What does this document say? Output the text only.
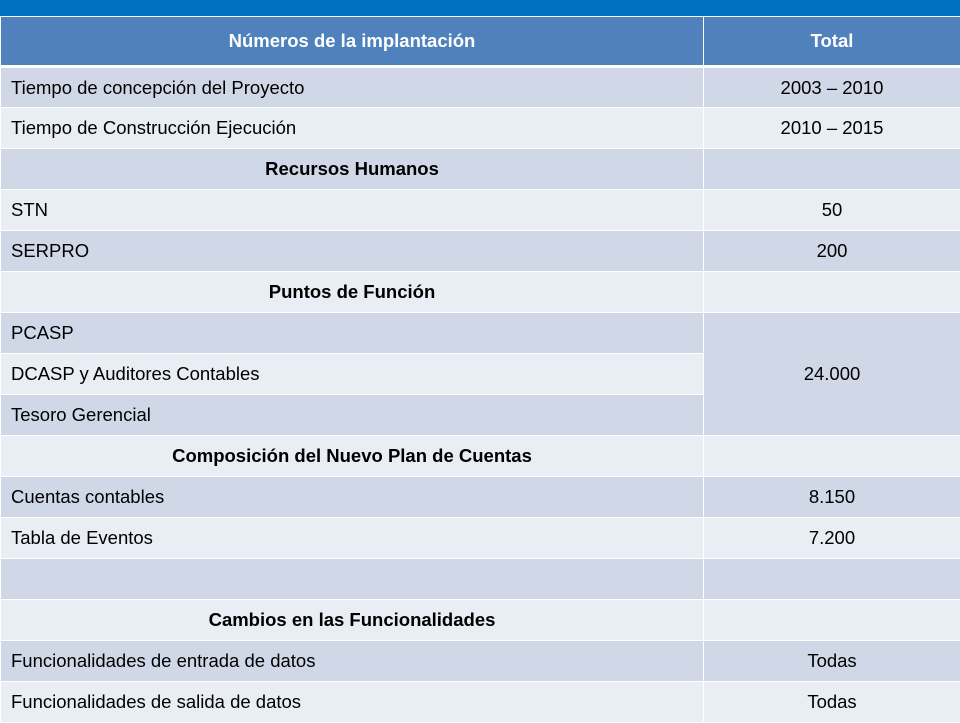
Números de la implantación	Total
Tiempo de concepción del Proyecto	2003 – 2010
Tiempo de Construcción Ejecución	2010 – 2015
Recursos Humanos	
STN	50
SERPRO	200
Puntos de Función	
PCASP	24.000
DCASP y Auditores Contables	
Tesoro Gerencial	
Composición del Nuevo Plan de Cuentas	
Cuentas contables	8.150
Tabla de Eventos	7.200

Cambios en las Funcionalidades	
Funcionalidades de entrada de datos	Todas
Funcionalidades de salida de datos	Todas
